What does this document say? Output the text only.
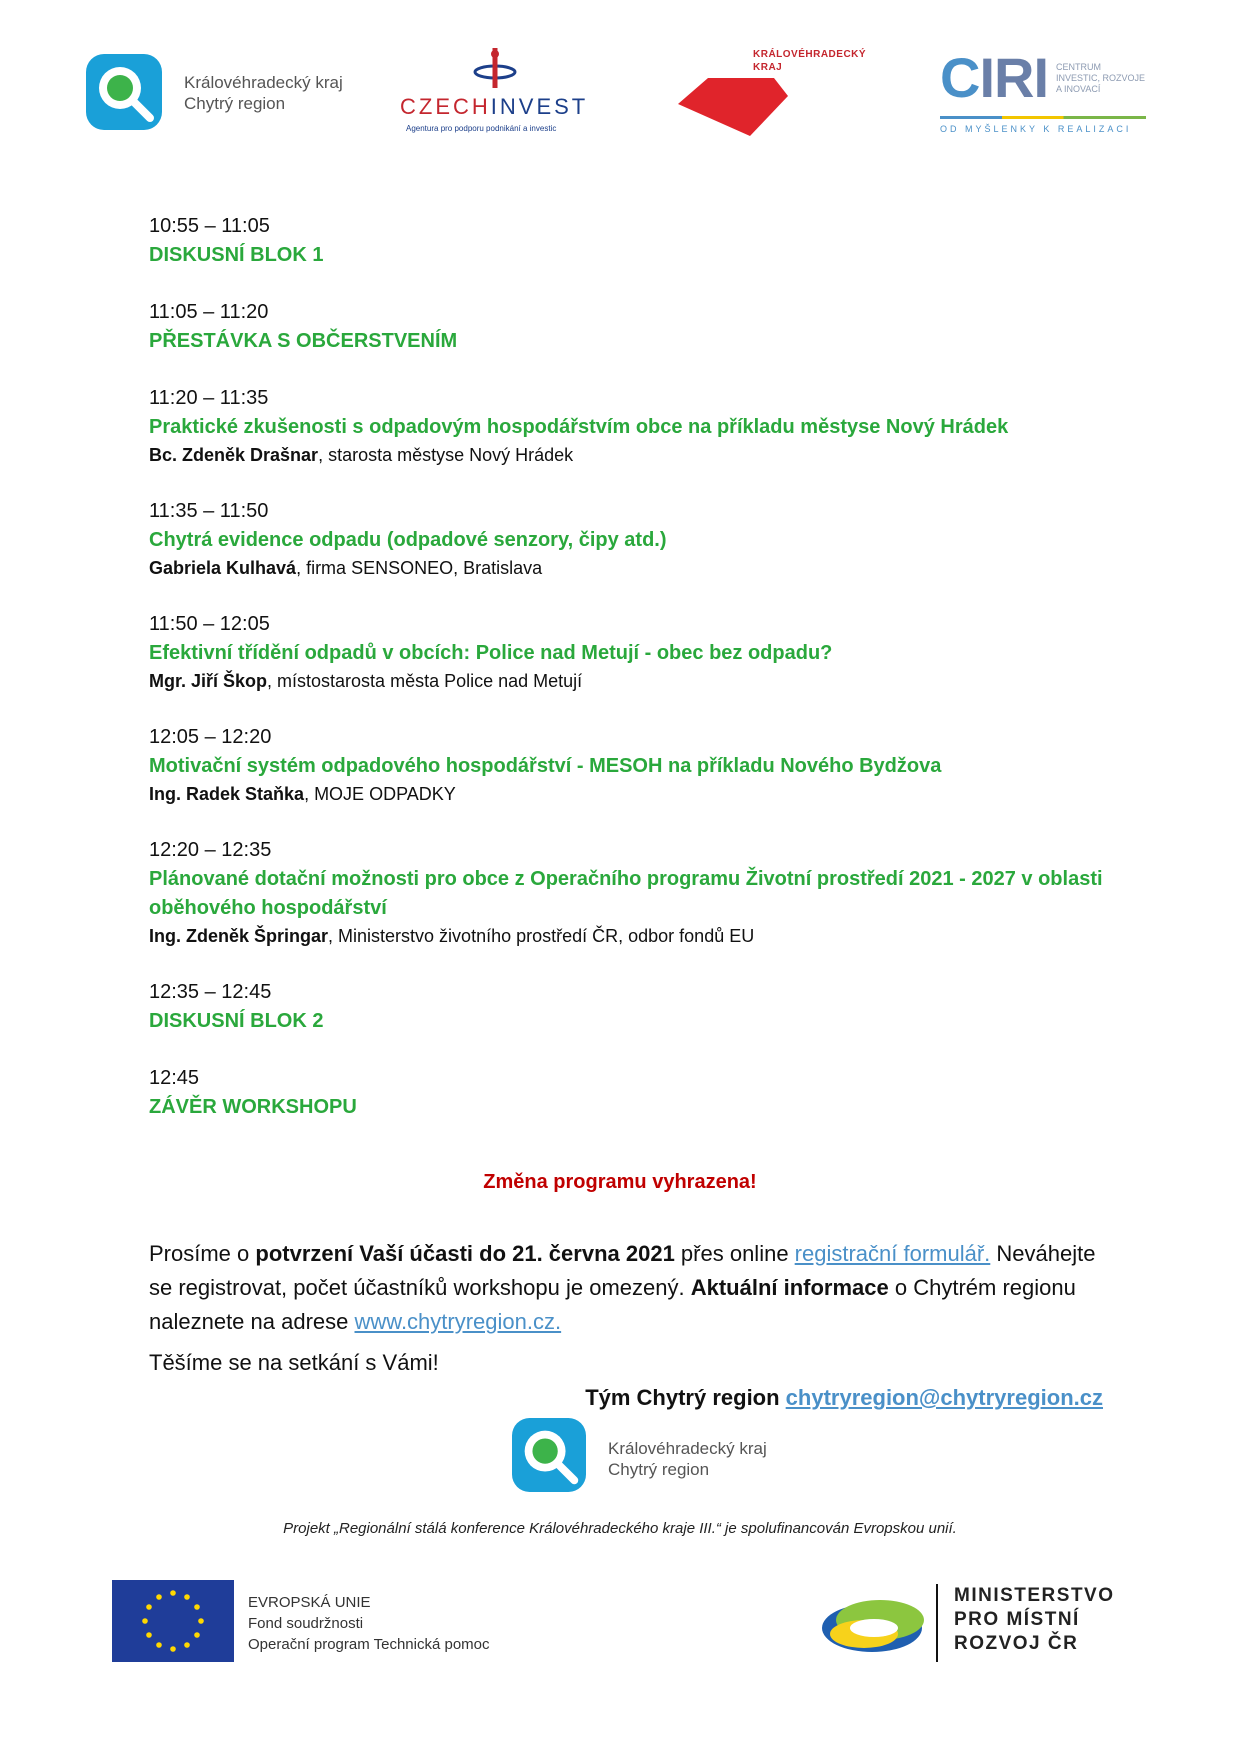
Královéhradecký kraj
Chytrý region	CZECHINVEST
Agentura pro podporu podnikání a investic
KRÁLOVÉHRADECKÝ
KRAJ	CIRI CENTRUM
INVESTIC, ROZVOJE
A INOVACÍ
OD MYŠLENKY K REALIZACI
10:55 – 11:05
DISKUSNÍ BLOK 1
11:05 – 11:20
PŘESTÁVKA S OBČERSTVENÍM
11:20 – 11:35
Praktické zkušenosti s odpadovým hospodářstvím obce na příkladu městyse Nový Hrádek
Bc. Zdeněk Drašnar, starosta městyse Nový Hrádek
11:35 – 11:50
Chytrá evidence odpadu (odpadové senzory, čipy atd.)
Gabriela Kulhavá, firma SENSONEO, Bratislava
11:50 – 12:05
Efektivní třídění odpadů v obcích: Police nad Metují - obec bez odpadu?
Mgr. Jiří Škop, místostarosta města Police nad Metují
12:05 – 12:20
Motivační systém odpadového hospodářství - MESOH na příkladu Nového Bydžova
Ing. Radek Staňka, MOJE ODPADKY
12:20 – 12:35
Plánované dotační možnosti pro obce z Operačního programu Životní prostředí 2021 - 2027 v oblasti oběhového hospodářství
Ing. Zdeněk Špringar, Ministerstvo životního prostředí ČR, odbor fondů EU
12:35 – 12:45
DISKUSNÍ BLOK 2
12:45
ZÁVĚR WORKSHOPU
Změna programu vyhrazena!
Prosíme o potvrzení Vaší účasti do 21. června 2021 přes online registrační formulář. Neváhejte se registrovat, počet účastníků workshopu je omezený. Aktuální informace o Chytrém regionu naleznete na adrese www.chytryregion.cz.
Těšíme se na setkání s Vámi!
Tým Chytrý region chytryregion@chytryregion.cz
Královéhradecký kraj
Chytrý region
Projekt „Regionální stálá konference Královéhradeckého kraje III.“ je spolufinancován Evropskou unií.
EVROPSKÁ UNIE
Fond soudržnosti
Operační program Technická pomoc
MINISTERSTVO
PRO MÍSTNÍ
ROZVOJ ČR
